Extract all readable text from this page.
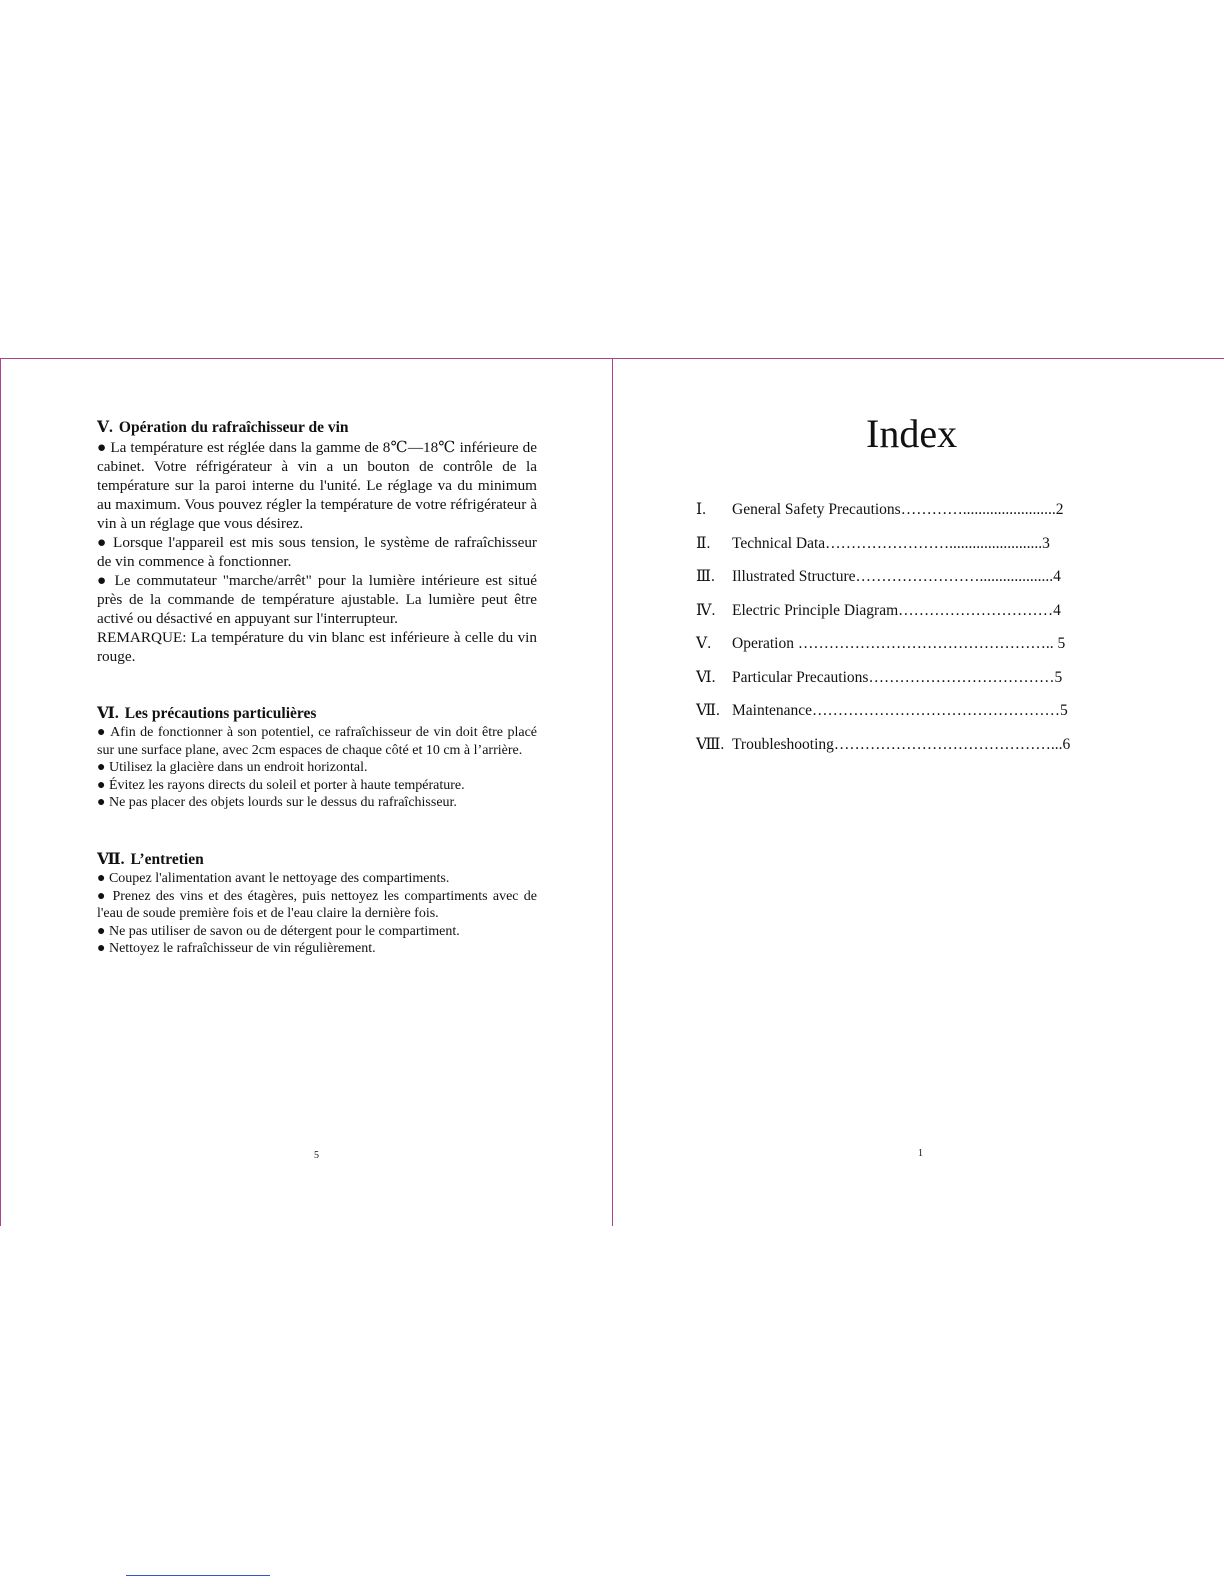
Ⅴ. Opération du rafraîchisseur de vin

● La température est réglée dans la gamme de 8℃—18℃ inférieure de cabinet. Votre réfrigérateur à vin a un bouton de contrôle de la température sur la paroi interne du l'unité. Le réglage va du minimum au maximum. Vous pouvez régler la température de votre réfrigérateur à vin à un réglage que vous désirez.

● Lorsque l'appareil est mis sous tension, le système de rafraîchisseur de vin commence à fonctionner.

● Le commutateur "marche/arrêt" pour la lumière intérieure est situé près de la commande de température ajustable. La lumière peut être activé ou désactivé en appuyant sur l'interrupteur.

REMARQUE: La température du vin blanc est inférieure à celle du vin rouge.

Ⅵ. Les précautions particulières

● Afin de fonctionner à son potentiel, ce rafraîchisseur de vin doit être placé sur une surface plane, avec 2cm espaces de chaque côté et 10 cm à l’arrière.

● Utilisez la glacière dans un endroit horizontal.

● Évitez les rayons directs du soleil et porter à haute température.

● Ne pas placer des objets lourds sur le dessus du rafraîchisseur.

Ⅶ. L’entretien

● Coupez l'alimentation avant le nettoyage des compartiments.

● Prenez des vins et des étagères, puis nettoyez les compartiments avec de l'eau de soude première fois et de l'eau claire la dernière fois.

● Ne pas utiliser de savon ou de détergent pour le compartiment.

● Nettoyez le rafraîchisseur de vin régulièrement.

5
Index
Ⅰ.	General Safety Precautions…………........................2
Ⅱ.	Technical Data……………………........................3
Ⅲ.	Illustrated Structure……………………...................4
Ⅳ.	Electric Principle Diagram…………………………4
Ⅴ.	Operation ………………………………………….. 5
Ⅵ.	Particular Precautions………………………………5
Ⅶ. Maintenance…………………………………………5
Ⅷ. Troubleshooting……………………………………...6
1
